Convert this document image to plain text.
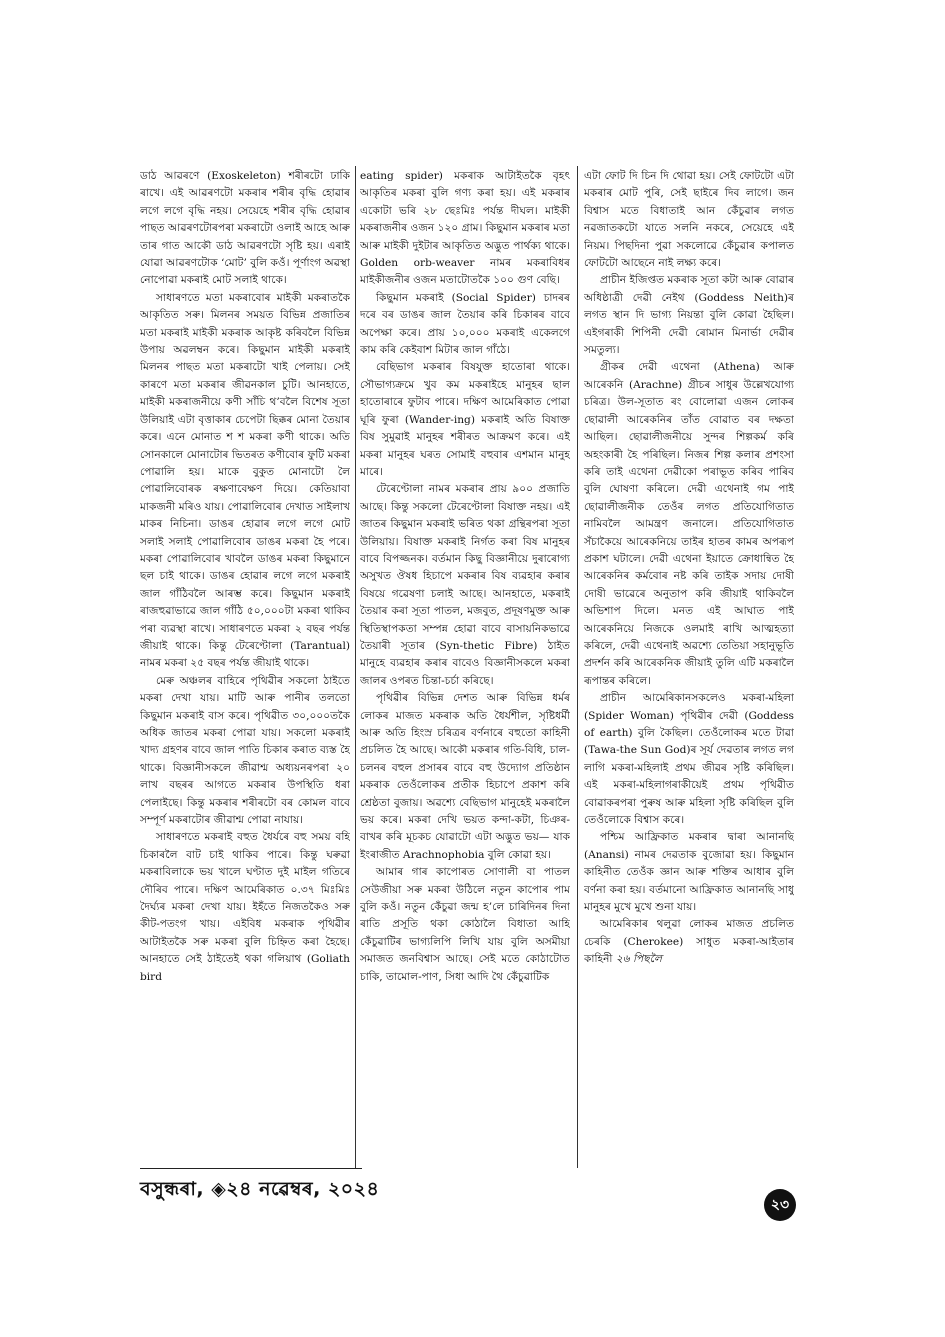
ডাঠ আৱৰণে (Exoskeleton) শৰীৰটো ঢাকি ৰাখে। এই আৱৰণটো মকৰাৰ শৰীৰ বৃদ্ধি হোৱাৰ লগে লগে বৃদ্ধি নহয়। সেয়েহে শৰীৰ বৃদ্ধি হোৱাৰ পাছত আৱৰণটোৰপৰা মকৰাটো ওলাই আহে আৰু তাৰ গাত আকৌ ডাঠ আৱৰণটো সৃষ্টি হয়। এৰাই যোৱা আৱৰণটোক ‘মোট’ বুলি কওঁ। পূৰ্ণাংগ অৱস্থা নোপোৱা মকৰাই মোট সলাই থাকে।

সাধাৰণতে মতা মকৰাবোৰ মাইকী মকৰাতকৈ আকৃতিত সৰু। মিলনৰ সময়ত বিভিন্ন প্ৰজাতিৰ মতা মকৰাই মাইকী মকৰাক আকৃষ্ট কৰিবলৈ বিভিন্ন উপায় অৱলম্বন কৰে। কিছুমান মাইকী মকৰাই মিলনৰ পাছত মতা মকৰাটো খাই পেলায়। সেই কাৰণে মতা মকৰাৰ জীৱনকাল চুটি। আনহাতে, মাইকী মকৰাজনীয়ে কণী সাঁচি থ’বলৈ বিশেষ সূতা উলিয়াই এটা বৃত্তাকাৰ চেপেটা ছিক্কৰ মোনা তৈয়াৰ কৰে। এনে মোনাত শ শ মকৰা কণী থাকে। অতি সোনকালে মোনাটোৰ ভিতৰত কণীবোৰ ফুটি মকৰা পোৱালি হয়। মাকে বুকুত মোনাটো লৈ পোৱালিবোৰক ৰক্ষণাবেক্ষণ দিয়ে। কেতিয়াবা মাকজনী মৰিও যায়। পোৱালিবোৰ দেখাত সাইলাখ মাকৰ নিচিনা। ডাঙৰ হোৱাৰ লগে লগে মোট সলাই সলাই পোৱালিবোৰ ডাঙৰ মকৰা হৈ পৰে। মকৰা পোৱালিবোৰ খাবলৈ ডাঙৰ মকৰা কিছুমানে ছল চাই থাকে। ডাঙৰ হোৱাৰ লগে লগে মকৰাই জাল গাঁঠিবলৈ আৰম্ভ কৰে। কিছুমান মকৰাই ৰাজহুৱাভাৱে জাল গাঁঠি ৫০,০০০টা মকৰা থাকিব পৰা ব্যৱস্থা ৰাখে। সাধাৰণতে মকৰা ২ বছৰ পৰ্যন্ত জীয়াই থাকে। কিন্তু টেৰেণ্টোলা (Tarantual) নামৰ মকৰা ২৫ বছৰ পৰ্যন্ত জীয়াই থাকে।

মেৰু অঞ্চলৰ বাহিৰে পৃথিৱীৰ সকলো ঠাইতে মকৰা দেখা যায়। মাটি আৰু পানীৰ তলতো কিছুমান মকৰাই বাস কৰে। পৃথিৱীত ৩০,০০০তকৈ অধিক জাতৰ মকৰা পোৱা যায়। সকলো মকৰাই খাদ্য গ্ৰহণৰ বাবে জাল পাতি চিকাৰ কৰাত ব্যস্ত হৈ থাকে। বিজ্ঞানীসকলে জীৱাশ্ম অধ্যয়নৰপৰা ২০ লাখ বছৰৰ আগতে মকৰাৰ উপস্থিতি ধৰা পেলাইছে। কিন্তু মকৰাৰ শৰীৰটো বৰ কোমল বাবে সম্পূৰ্ণ মকৰাটোৰ জীৱাশ্ম পোৱা নাযায়।

সাধাৰণতে মকৰাই বহুত ধৈৰ্যৰে বহু সময় বহি চিকাৰলৈ বাট চাই থাকিব পাৰে। কিন্তু ঘৰুৱা মকৰাবিলাকে ভয় খালে ঘণ্টাত দুই মাইল গতিৰে দৌৰিব পাৰে। দক্ষিণ আমেৰিকাত ০.৩৭ মিঃমিঃ দৈৰ্ঘ্যৰ মকৰা দেখা যায়। ইহঁতে নিজতকৈও সৰু কীট-পতংগ খায়। এইবিধ মকৰাক পৃথিৱীৰ আটাইতকৈ সৰু মকৰা বুলি চিহ্নিত কৰা হৈছে। আনহাতে সেই ঠাইতেই থকা গলিয়াথ (Goliath bird

eating spider) মকৰাক আটাইতকৈ বৃহৎ আকৃতিৰ মকৰা বুলি গণ্য কৰা হয়। এই মকৰাৰ একোটা ভৰি ২৮ ছেঃমিঃ পৰ্যন্ত দীঘল। মাইকী মকৰাজনীৰ ওজন ১২০ গ্ৰাম। কিছুমান মকৰাৰ মতা আৰু মাইকী দুইটাৰ আকৃতিত অদ্ভুত পাৰ্থক্য থাকে। Golden orb-weaver নামৰ মকৰাবিধৰ মাইকীজনীৰ ওজন মতাটোতকৈ ১০০ গুণ বেছি।

কিছুমান মকৰাই (Social Spider) চাদৰৰ দৰে বৰ ডাঙৰ জাল তৈয়াৰ কৰি চিকাৰৰ বাবে অপেক্ষা কৰে। প্ৰায় ১০,০০০ মকৰাই একেলগে কাম কৰি কেইবাশ মিটাৰ জাল গাঁঠে।

বেছিভাগ মকৰাৰ বিষযুক্ত হাতোৰা থাকে। সৌভাগ্যক্ৰমে খুব কম মকৰাইহে মানুহৰ ছাল হাতোৰাৰে ফুটাব পাৰে। দক্ষিণ আমেৰিকাত পোৱা ঘূৰি ফুৰা (Wander-ing) মকৰাই অতি বিষাক্ত বিষ সুমুৱাই মানুহৰ শৰীৰত আক্ৰমণ কৰে। এই মকৰা মানুহৰ ঘৰত সোমাই বহুবাৰ এশমান মানুহ মাৰে।

টেৰেণ্টোলা নামৰ মকৰাৰ প্ৰায় ৯০০ প্ৰজাতি আছে। কিন্তু সকলো টেৰেণ্টোলা বিষাক্ত নহয়। এই জাতৰ কিছুমান মকৰাই ভৰিত থকা গ্ৰন্থিৰপৰা সূতা উলিয়ায়। বিষাক্ত মকৰাই নিৰ্গত কৰা বিষ মানুহৰ বাবে বিপজ্জনক। বৰ্তমান কিছু বিজ্ঞানীয়ে দুৰাৰোগ্য অসুখত ঔষধ হিচাপে মকৰাৰ বিষ ব্যৱহাৰ কৰাৰ বিষয়ে গৱেষণা চলাই আছে। আনহাতে, মকৰাই তৈয়াৰ কৰা সূতা পাতল, মজবুত, প্ৰদূষণমুক্ত আৰু স্থিতিস্থাপকতা সম্পন্ন হোৱা বাবে বাসায়নিকভাৱে তৈয়াৰী সূতাৰ (Syn-thetic Fibre) ঠাইত মানুহে ব্যৱহাৰ কৰাৰ বাবেও বিজ্ঞানীসকলে মকৰা জালৰ ওপৰত চিন্তা-চৰ্চা কৰিছে।

পৃথিৱীৰ বিভিন্ন দেশত আৰু বিভিন্ন ধৰ্মৰ লোকৰ মাজত মকৰাক অতি ধৈৰ্যশীল, সৃষ্টিধৰ্মী আৰু অতি হিংস্ৰ চৰিত্ৰৰ বৰ্ণনাৰে বহুতো কাহিনী প্ৰচলিত হৈ আছে। আকৌ মকৰাৰ গতি-বিধি, চাল-চলনৰ বহুল প্ৰসাৰৰ বাবে বহু উদ্যোগ প্ৰতিষ্ঠান মকৰাক তেওঁলোকৰ প্ৰতীক হিচাপে প্ৰকাশ কৰি শ্ৰেষ্ঠতা বুজায়। অৱশ্যে বেছিভাগ মানুহেই মকৰালৈ ভয় কৰে। মকৰা দেখি ভয়ত কন্দা-কটা, চিঞৰ-বাখৰ কৰি মূচকচ যোৱাটো এটা অদ্ভুত ভয়— যাক ইংৰাজীত Arachnophobia বুলি কোৱা হয়।

আমাৰ গাৰ কাপোৰত সোণালী বা পাতল সেউজীয়া সৰু মকৰা উঠিলে নতুন কাপোৰ পাম বুলি কওঁ। নতুন কেঁচুৱা জন্ম হ’লে চাৰিদিনৰ দিনা ৰাতি প্ৰসূতি থকা কোঠালৈ বিধাতা আহি কেঁচুৱাটিৰ ভাগ্যলিপি লিখি যায় বুলি অসমীয়া সমাজত জনবিশ্বাস আছে। সেই মতে কোঠাটোত চাকি, তামোল-পাণ, সিধা আদি থৈ কেঁচুৱাটিক

এটা ফোট দি চিন দি থোৱা হয়। সেই ফোটটো এটা মকৰাৰ মোট পুৰি, সেই ছাইৰে দিব লাগে। জন বিশ্বাস মতে বিধাতাই আন কেঁচুৱাৰ লগত নৱজাতকটো যাতে সলনি নকৰে, সেয়েহে এই নিয়ম। পিছদিনা পুৱা সকলোৱে কেঁচুৱাৰ কপালত ফোটটো আছেনে নাই লক্ষ্য কৰে।

প্ৰাচীন ইজিপ্তত মকৰাক সূতা কটা আৰু বোৱাৰ অধিষ্ঠাত্ৰী দেৱী নেইথ (Goddess Neith)ৰ লগত স্থান দি ভাগ্য নিয়ন্তা বুলি কোৱা হৈছিল। এইগৰাকী শিপিনী দেৱী ৰোমান মিনাৰ্ভা দেৱীৰ সমতুল্য।

গ্ৰীকৰ দেৱী এথেনা (Athena) আৰু আৰেকনি (Arachne) গ্ৰীচৰ সাধুৰ উল্লেখযোগ্য চৰিত্ৰ। উল-সূতাত ৰং বোলোৱা এজন লোকৰ ছোৱালী আৰেকনিৰ তাঁত বোৱাত বৰ দক্ষতা আছিল। ছোৱালীজনীয়ে সুন্দৰ শিল্পকৰ্ম কৰি অহংকাৰী হৈ পৰিছিল। নিজৰ শিল্প কলাৰ প্ৰশংসা কৰি তাই এথেনা দেৱীকো পৰাভূত কৰিব পাৰিব বুলি ঘোষণা কৰিলে। দেৱী এথেনাই গম পাই ছোৱালীজনীক তেওঁৰ লগত প্ৰতিযোগিতাত নামিবলৈ আমন্ত্ৰণ জনালে। প্ৰতিযোগিতাত সঁচাকৈয়ে আৰেকনিয়ে তাইৰ হাতৰ কামৰ অপৰূপ প্ৰকাশ ঘটালে। দেৱী এথেনা ইয়াতে ক্ৰোধান্বিত হৈ আৰেকনিৰ কৰ্মবোৰ নষ্ট কৰি তাইক সদায় দোষী দোষী ভাৱেৰে অনুতাপ কৰি জীয়াই থাকিবলৈ অভিশাপ দিলে। মনত এই আঘাত পাই আৰেকনিয়ে নিজকে ওলমাই ৰাখি আত্মহত্যা কৰিলে, দেৱী এথেনাই অৱশ্যে তেতিয়া সহানুভূতি প্ৰদৰ্শন কৰি আৰেকনিক জীয়াই তুলি এটি মকৰালৈ ৰূপান্তৰ কৰিলে।

প্ৰাচীন আমেৰিকানসকলেও মকৰা-মহিলা (Spider Woman) পৃথিৱীৰ দেৱী (Goddess of earth) বুলি কৈছিল। তেওঁলোকৰ মতে টাৱা (Tawa-the Sun God)ৰ সূৰ্য দেৱতাৰ লগত লগ লাগি মকৰা-মহিলাই প্ৰথম জীৱৰ সৃষ্টি কৰিছিল। এই মকৰা-মহিলাগৰাকীয়েই প্ৰথম পৃথিৱীত বোৱাকৰপৰা পুৰুষ আৰু মহিলা সৃষ্টি কৰিছিল বুলি তেওঁলোকে বিশ্বাস কৰে।

পশ্চিম আফ্ৰিকাত মকৰাৰ দ্বাৰা আনানছি (Anansi) নামৰ দেৱতাক বুজোৱা হয়। কিছুমান কাহিনীত তেওঁক জ্ঞান আৰু শক্তিৰ আধাৰ বুলি বৰ্ণনা কৰা হয়। বৰ্তমানো আফ্ৰিকাত আনানছি সাধু মানুহৰ মুখে মুখে শুনা যায়।

আমেৰিকাৰ থলুৱা লোকৰ মাজত প্ৰচলিত চেৰকি (Cherokee) সাধুত মকৰা-আইতাৰ কাহিনী ২৬ পিছলৈ

বসুন্ধৰা, ◈২৪ নৱেম্বৰ, ২০২৪
২৩
